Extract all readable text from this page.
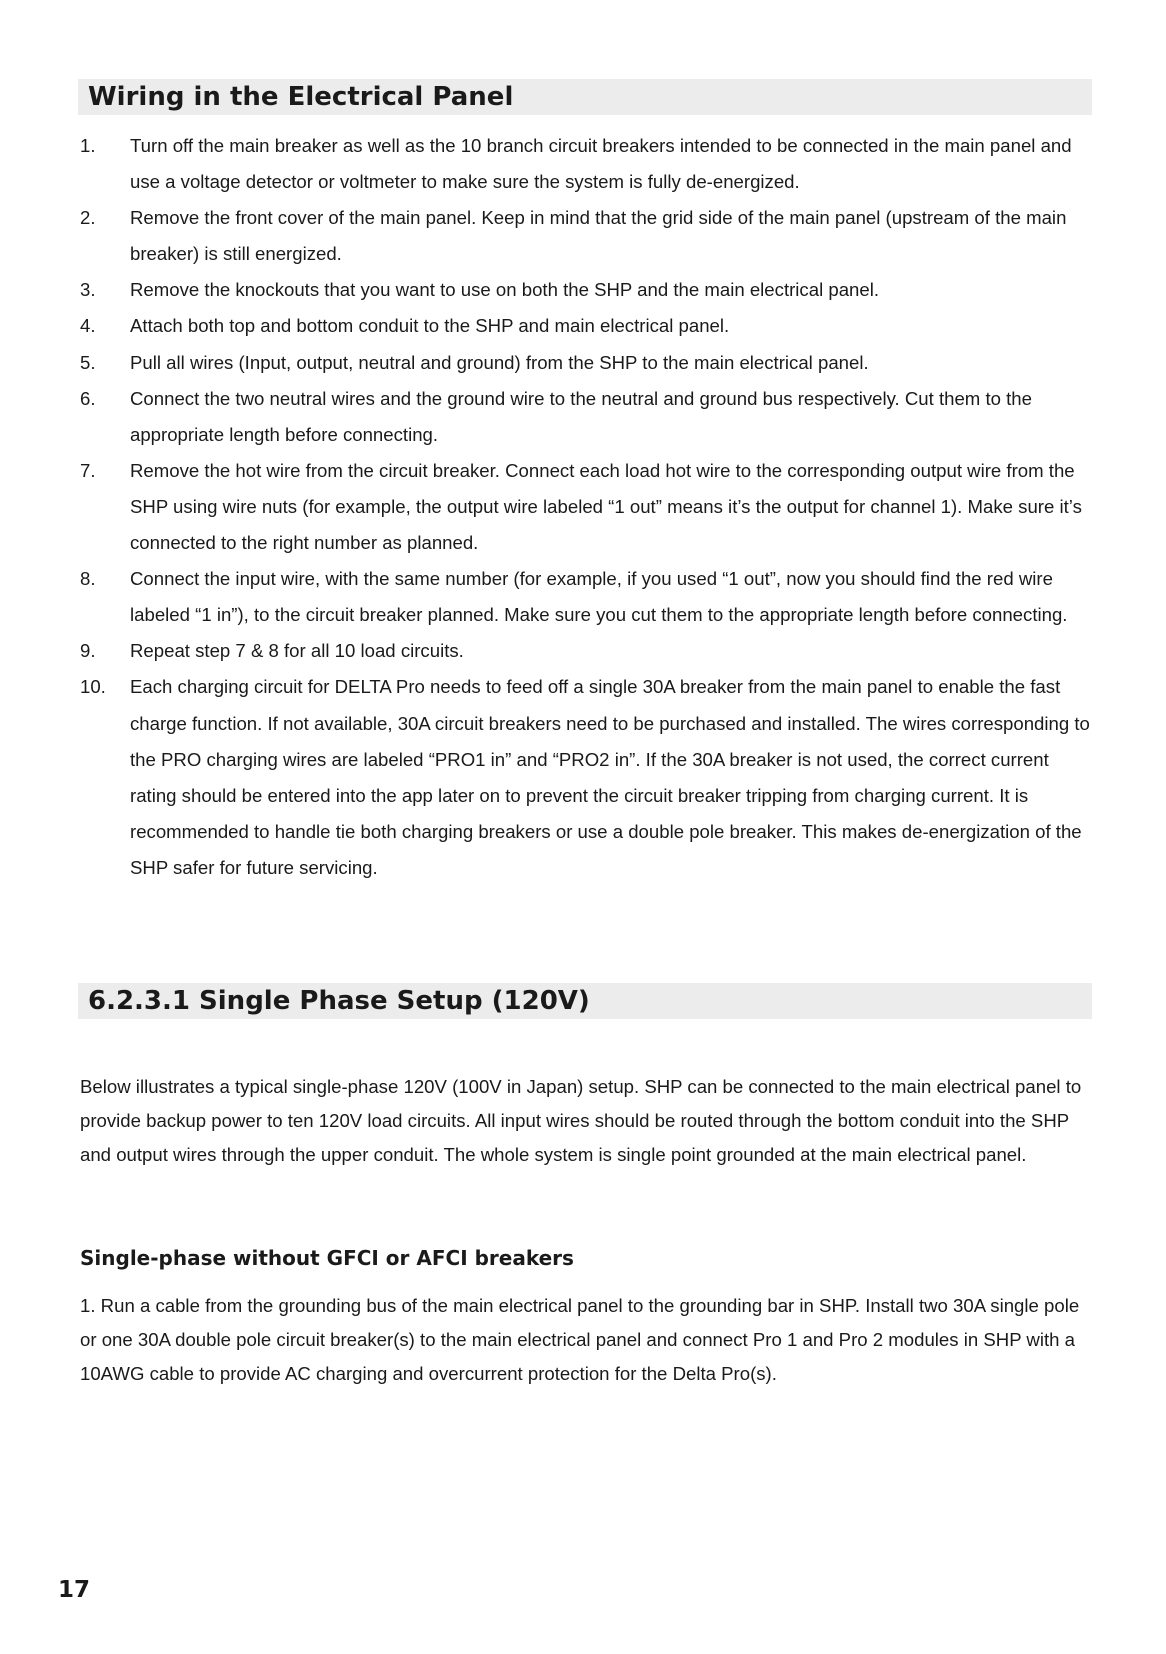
Wiring in the Electrical Panel
1. Turn off the main breaker as well as the 10 branch circuit breakers intended to be connected in the main panel and use a voltage detector or voltmeter to make sure the system is fully de-energized.
2. Remove the front cover of the main panel. Keep in mind that the grid side of the main panel (upstream of the main breaker) is still energized.
3. Remove the knockouts that you want to use on both the SHP and the main electrical panel.
4. Attach both top and bottom conduit to the SHP and main electrical panel.
5. Pull all wires (Input, output, neutral and ground) from the SHP to the main electrical panel.
6. Connect the two neutral wires and the ground wire to the neutral and ground bus respectively. Cut them to the appropriate length before connecting.
7. Remove the hot wire from the circuit breaker. Connect each load hot wire to the corresponding output wire from the SHP using wire nuts (for example, the output wire labeled “1 out” means it’s the output for channel 1). Make sure it’s connected to the right number as planned.
8. Connect the input wire, with the same number (for example, if you used “1 out”, now you should find the red wire labeled “1 in”), to the circuit breaker planned. Make sure you cut them to the appropriate length before connecting.
9. Repeat step 7 & 8 for all 10 load circuits.
10. Each charging circuit for DELTA Pro needs to feed off a single 30A breaker from the main panel to enable the fast charge function. If not available, 30A circuit breakers need to be purchased and installed. The wires corresponding to the PRO charging wires are labeled “PRO1 in” and “PRO2 in”. If the 30A breaker is not used, the correct current rating should be entered into the app later on to prevent the circuit breaker tripping from charging current. It is recommended to handle tie both charging breakers or use a double pole breaker. This makes de-energization of the SHP safer for future servicing.
6.2.3.1 Single Phase Setup (120V)

Below illustrates a typical single-phase 120V (100V in Japan) setup. SHP can be connected to the main electrical panel to provide backup power to ten 120V load circuits. All input wires should be routed through the bottom conduit into the SHP and output wires through the upper conduit. The whole system is single point grounded at the main electrical panel.

Single-phase without GFCI or AFCI breakers

1. Run a cable from the grounding bus of the main electrical panel to the grounding bar in SHP. Install two 30A single pole or one 30A double pole circuit breaker(s) to the main electrical panel and connect Pro 1 and Pro 2 modules in SHP with a 10AWG cable to provide AC charging and overcurrent protection for the Delta Pro(s).

17
